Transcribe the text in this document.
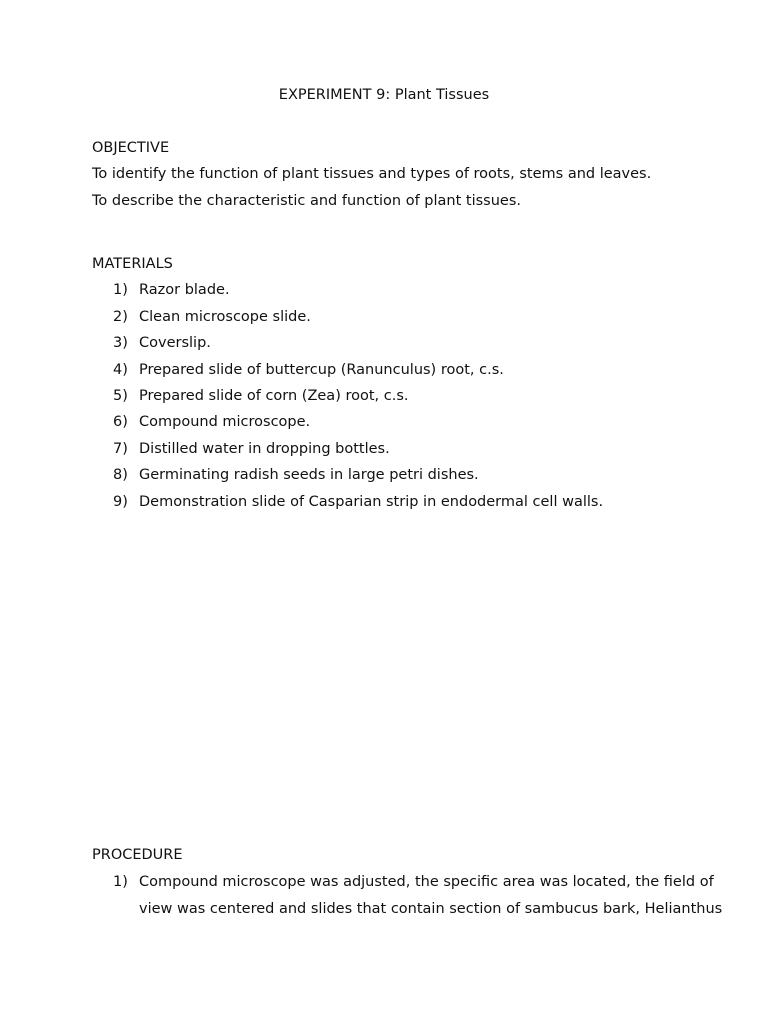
EXPERIMENT 9: Plant Tissues
OBJECTIVE
To identify the function of plant tissues and types of roots, stems and leaves.
To describe the characteristic and function of plant tissues.
MATERIALS
1) Razor blade.
2) Clean microscope slide.
3) Coverslip.
4) Prepared slide of buttercup (Ranunculus) root, c.s.
5) Prepared slide of corn (Zea) root, c.s.
6) Compound microscope.
7) Distilled water in dropping bottles.
8) Germinating radish seeds in large petri dishes.
9) Demonstration slide of Casparian strip in endodermal cell walls.
PROCEDURE
1) Compound microscope was adjusted, the specific area was located, the field of
view was centered and slides that contain section of sambucus bark, Helianthus
